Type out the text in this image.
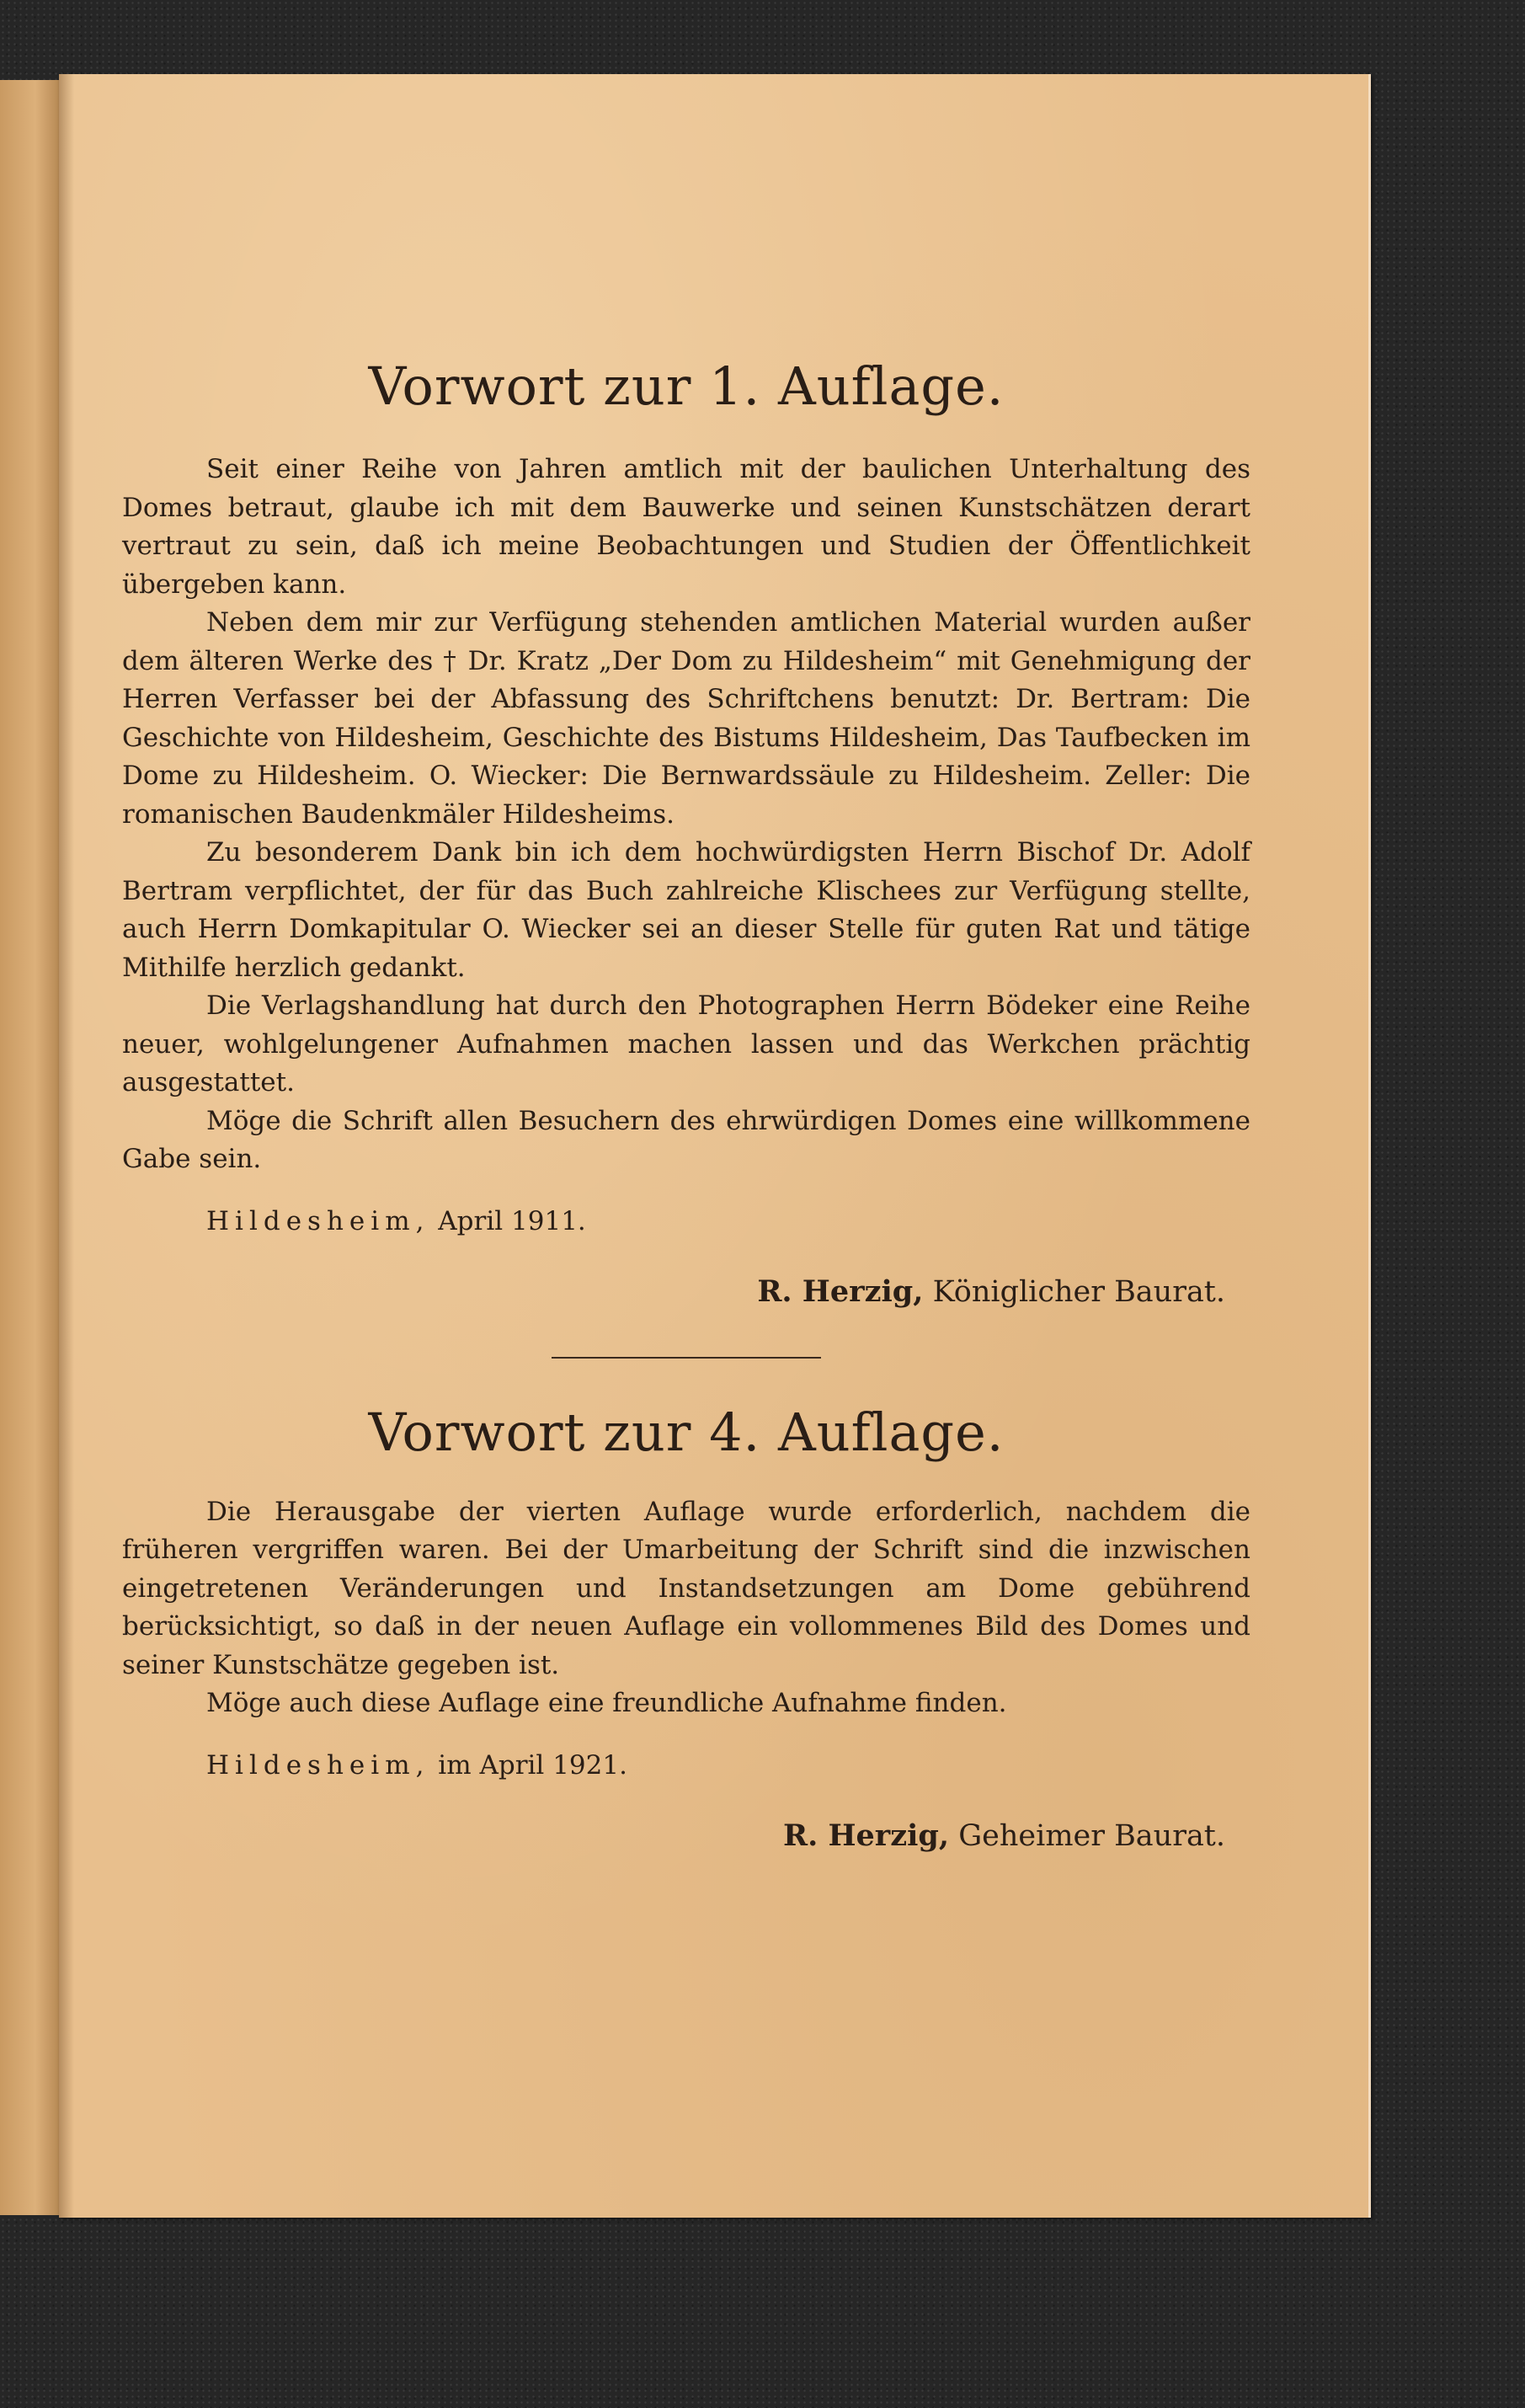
Vorwort zur 1. Auflage.

Seit einer Reihe von Jahren amtlich mit der baulichen Unterhaltung des Domes betraut, glaube ich mit dem Bauwerke und seinen Kunstschätzen derart vertraut zu sein, daß ich meine Beobachtungen und Studien der Öffentlichkeit übergeben kann.

Neben dem mir zur Verfügung stehenden amtlichen Material wurden außer dem älteren Werke des † Dr. Kratz „Der Dom zu Hildesheim“ mit Genehmigung der Herren Verfasser bei der Abfassung des Schriftchens benutzt: Dr. Bertram: Die Geschichte von Hildesheim, Geschichte des Bistums Hildesheim, Das Taufbecken im Dome zu Hildesheim. O. Wiecker: Die Bernwardssäule zu Hildesheim. Zeller: Die romanischen Baudenkmäler Hildesheims.

Zu besonderem Dank bin ich dem hochwürdigsten Herrn Bischof Dr. Adolf Bertram verpflichtet, der für das Buch zahlreiche Klischees zur Verfügung stellte, auch Herrn Domkapitular O. Wiecker sei an dieser Stelle für guten Rat und tätige Mithilfe herzlich gedankt.

Die Verlagshandlung hat durch den Photographen Herrn Bödeker eine Reihe neuer, wohlgelungener Aufnahmen machen lassen und das Werkchen prächtig ausgestattet.

Möge die Schrift allen Besuchern des ehrwürdigen Domes eine willkommene Gabe sein.

Hildesheim, April 1911.

R. Herzig, Königlicher Baurat.

Vorwort zur 4. Auflage.

Die Herausgabe der vierten Auflage wurde erforderlich, nachdem die früheren vergriffen waren. Bei der Umarbeitung der Schrift sind die inzwischen eingetretenen Veränderungen und Instandsetzungen am Dome gebührend berücksichtigt, so daß in der neuen Auflage ein vollommenes Bild des Domes und seiner Kunstschätze gegeben ist.

Möge auch diese Auflage eine freundliche Aufnahme finden.

Hildesheim, im April 1921.

R. Herzig, Geheimer Baurat.
